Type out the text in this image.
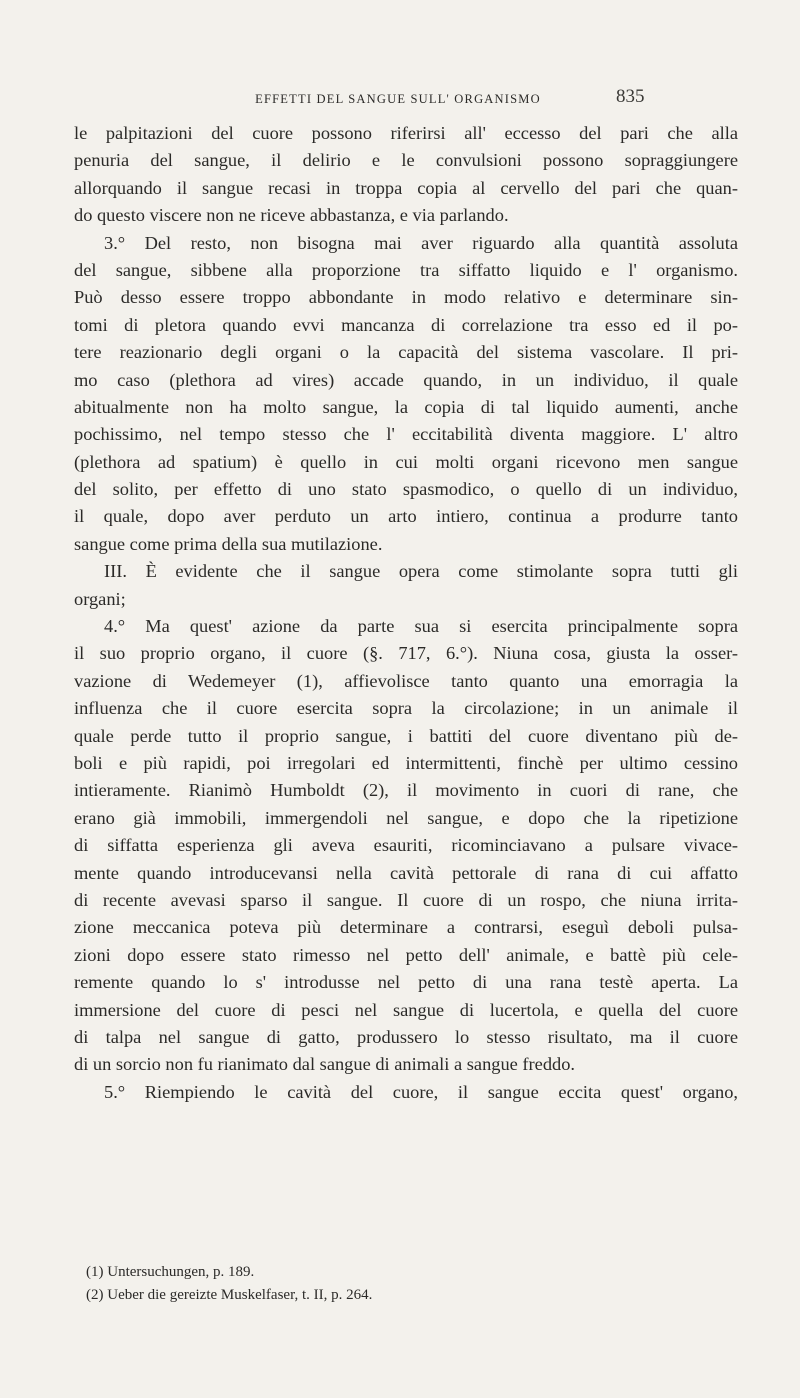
EFFETTI DEL SANGUE SULL' ORGANISMO	835
le palpitazioni del cuore possono riferirsi all' eccesso del pari che alla
penuria del sangue, il delirio e le convulsioni possono sopraggiungere
allorquando il sangue recasi in troppa copia al cervello del pari che quan-
do questo viscere non ne riceve abbastanza, e via parlando.
3.° Del resto, non bisogna mai aver riguardo alla quantità assoluta
del sangue, sibbene alla proporzione tra siffatto liquido e l' organismo.
Può desso essere troppo abbondante in modo relativo e determinare sin-
tomi di pletora quando evvi mancanza di correlazione tra esso ed il po-
tere reazionario degli organi o la capacità del sistema vascolare. Il pri-
mo caso (plethora ad vires) accade quando, in un individuo, il quale
abitualmente non ha molto sangue, la copia di tal liquido aumenti, anche
pochissimo, nel tempo stesso che l' eccitabilità diventa maggiore. L' altro
(plethora ad spatium) è quello in cui molti organi ricevono men sangue
del solito, per effetto di uno stato spasmodico, o quello di un individuo,
il quale, dopo aver perduto un arto intiero, continua a produrre tanto
sangue come prima della sua mutilazione.
III. È evidente che il sangue opera come stimolante sopra tutti gli
organi;
4.° Ma quest' azione da parte sua si esercita principalmente sopra
il suo proprio organo, il cuore (§. 717, 6.°). Niuna cosa, giusta la osser-
vazione di Wedemeyer (1), affievolisce tanto quanto una emorragia la
influenza che il cuore esercita sopra la circolazione; in un animale il
quale perde tutto il proprio sangue, i battiti del cuore diventano più de-
boli e più rapidi, poi irregolari ed intermittenti, finchè per ultimo cessino
intieramente. Rianimò Humboldt (2), il movimento in cuori di rane, che
erano già immobili, immergendoli nel sangue, e dopo che la ripetizione
di siffatta esperienza gli aveva esauriti, ricominciavano a pulsare vivace-
mente quando introducevansi nella cavità pettorale di rana di cui affatto
di recente avevasi sparso il sangue. Il cuore di un rospo, che niuna irrita-
zione meccanica poteva più determinare a contrarsi, eseguì deboli pulsa-
zioni dopo essere stato rimesso nel petto dell' animale, e battè più cele-
remente quando lo s' introdusse nel petto di una rana testè aperta. La
immersione del cuore di pesci nel sangue di lucertola, e quella del cuore
di talpa nel sangue di gatto, produssero lo stesso risultato, ma il cuore
di un sorcio non fu rianimato dal sangue di animali a sangue freddo.
5.° Riempiendo le cavità del cuore, il sangue eccita quest' organo,
(1) Untersuchungen, p. 189.
(2) Ueber die gereizte Muskelfaser, t. II, p. 264.
